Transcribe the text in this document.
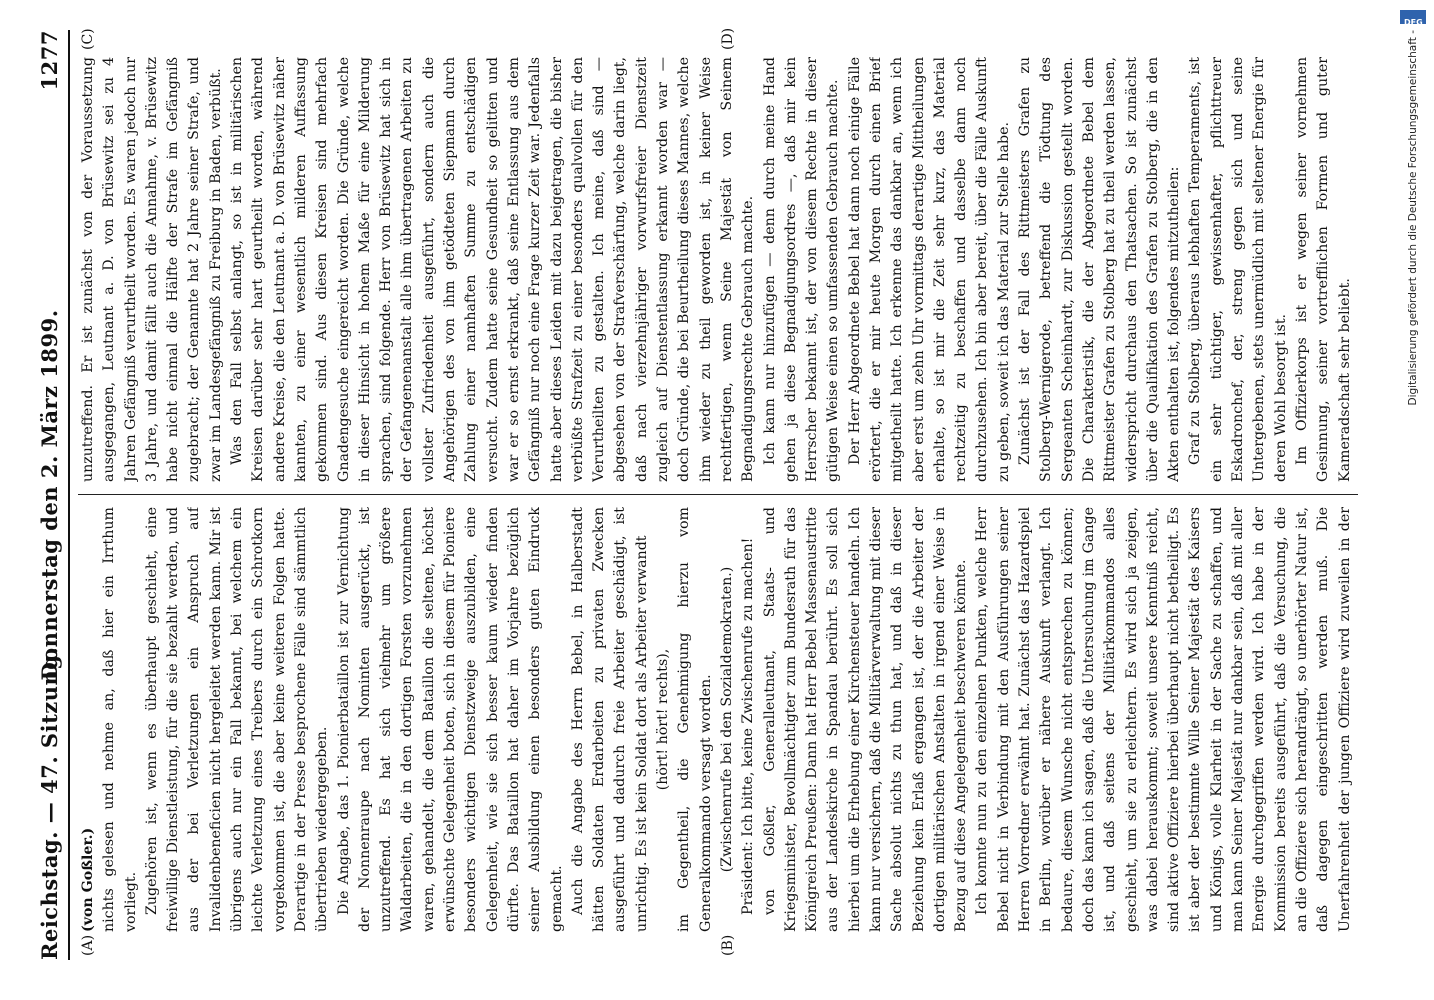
Reichstag. — 47. Sitzung.
Donnerstag den 2. März 1899.
1277
(A)	(B)
(C)	(D)

(von Goßler.) nichts gelesen und nehme an, daß hier ein Irrthum vorliegt. Zugehören ist, wenn es überhaupt geschieht, eine freiwillige Dienstleistung, für die sie bezahlt werden, und aus der bei Verletzungen ein Anspruch auf Invalidenbeneficien nicht hergeleitet werden kann. Mir ist übrigens auch nur ein Fall bekannt, bei welchem ein leichte Verletzung eines Treibers durch ein Schrotkorn vorgekommen ist, die aber keine weiteren Folgen hatte. Derartige in der Presse besprochene Fälle sind sämmtlich übertrieben wiedergegeben. Die Angabe, das 1. Pionierbataillon ist zur Vernichtung der Nonnenraupe nach Nominten ausgerückt, ist unzutreffend. Es hat sich vielmehr um größere Waldarbeiten, die in den dortigen Forsten vorzunehmen waren, gehandelt, die dem Bataillon die seltene, höchst erwünschte Gelegenheit boten, sich in diesem für Pioniere besonders wichtigen Dienstzweige auszubilden, eine Gelegenheit, wie sie sich besser kaum wieder finden dürfte. Das Bataillon hat daher im Vorjahre bezüglich seiner Ausbildung einen besonders guten Eindruck gemacht. Auch die Angabe des Herrn Bebel, in Halberstadt hätten Soldaten Erdarbeiten zu privaten Zwecken ausgeführt und dadurch freie Arbeiter geschädigt, ist unrichtig. Es ist kein Soldat dort als Arbeiter verwandt (hört! hört! rechts), im Gegentheil, die Genehmigung hierzu vom Generalkommando versagt worden. (Zwischenrufe bei den Sozialdemokraten.) Präsident: Ich bitte, keine Zwischenrufe zu machen! von Goßler, Generalleutnant, Staats- und Kriegsminister, Bevollmächtigter zum Bundesrath für das Königreich Preußen: Dann hat Herr Bebel Massenaustritte aus der Landeskirche in Spandau berührt. Es soll sich hierbei um die Erhebung einer Kirchensteuer handeln. Ich kann nur versichern, daß die Militärverwaltung mit dieser Sache absolut nichts zu thun hat, und daß in dieser Beziehung kein Erlaß ergangen ist, der die Arbeiter der dortigen militärischen Anstalten in irgend einer Weise in Bezug auf diese Angelegenheit beschweren könnte. Ich konnte nun zu den einzelnen Punkten, welche Herr Bebel nicht in Verbindung mit den Ausführungen seiner Herren Vorredner erwähnt hat. Zunächst das Hazardspiel in Berlin, worüber er nähere Auskunft verlangt. Ich bedaure, diesem Wunsche nicht entsprechen zu können; doch das kann ich sagen, daß die Untersuchung im Gange ist, und daß seitens der Militärkommandos alles geschieht, um sie zu erleichtern. Es wird sich ja zeigen, was dabei herauskommt; soweit unsere Kenntniß reicht, sind aktive Offiziere hierbei überhaupt nicht betheiligt. Es ist aber der bestimmte Wille Seiner Majestät des Kaisers und Königs, volle Klarheit in der Sache zu schaffen, und man kann Seiner Majestät nur dankbar sein, daß mit aller Energie durchgegriffen werden wird. Ich habe in der Kommission bereits ausgeführt, daß die Versuchung, die an die Offiziere sich herandrängt, so unerhörter Natur ist, daß dagegen eingeschritten werden muß. Die Unerfahrenheit der jungen Offiziere wird zuweilen in der

unzutreffend. Er ist zunächst von der Voraussetzung ausgegangen, Leutnant a. D. von Brüsewitz sei zu 4 Jahren Gefängniß verurtheilt worden. Es waren jedoch nur 3 Jahre, und damit fällt auch die Annahme, v. Brüsewitz habe nicht einmal die Hälfte der Strafe im Gefängniß zugebracht; der Genannte hat 2 Jahre seiner Strafe, und zwar im Landesgefängniß zu Freiburg in Baden, verbüßt. Was den Fall selbst anlangt, so ist in militärischen Kreisen darüber sehr hart geurtheilt worden, während andere Kreise, die den Leutnant a. D. von Brüsewitz näher kannten, zu einer wesentlich milderen Auffassung gekommen sind. Aus diesen Kreisen sind mehrfach Gnadengesuche eingereicht worden. Die Gründe, welche in dieser Hinsicht in hohem Maße für eine Milderung sprachen, sind folgende. Herr von Brüsewitz hat sich in der Gefangenenanstalt alle ihm übertragenen Arbeiten zu vollster Zufriedenheit ausgeführt, sondern auch die Angehörigen des von ihm getödteten Siepmann durch Zahlung einer namhaften Summe zu entschädigen versucht. Zudem hatte seine Gesundheit so gelitten und war er so ernst erkrankt, daß seine Entlassung aus dem Gefängniß nur noch eine Frage kurzer Zeit war. Jedenfalls hatte aber dieses Leiden mit dazu beigetragen, die bisher verbüßte Strafzeit zu einer besonders qualvollen für den Verurtheilten zu gestalten. Ich meine, daß sind — abgesehen von der Strafverschärfung, welche darin liegt, daß nach vierzehnjähriger vorwurfsfreier Dienstzeit zugleich auf Dienstentlassung erkannt worden war — doch Gründe, die bei Beurtheilung dieses Mannes, welche ihm wieder zu theil geworden ist, in keiner Weise rechtfertigen, wenn Seine Majestät von Seinem Begnadigungsrechte Gebrauch machte. Ich kann nur hinzufügen — denn durch meine Hand gehen ja diese Begnadigungsordres —, daß mir kein Herrscher bekannt ist, der von diesem Rechte in dieser gütigen Weise einen so umfassenden Gebrauch machte. Der Herr Abgeordnete Bebel hat dann noch einige Fälle erörtert, die er mir heute Morgen durch einen Brief mitgetheilt hatte. Ich erkenne das dankbar an, wenn ich aber erst um zehn Uhr vormittags derartige Mittheilungen erhalte, so ist mir die Zeit sehr kurz, das Material rechtzeitig zu beschaffen und dasselbe dann noch durchzusehen. Ich bin aber bereit, über die Fälle Auskunft zu geben, soweit ich das Material zur Stelle habe. Zunächst ist der Fall des Rittmeisters Grafen zu Stolberg-Wernigerode, betreffend die Tödtung des Sergeanten Scheinhardt, zur Diskussion gestellt worden. Die Charakteristik, die der Abgeordnete Bebel dem Rittmeister Grafen zu Stolberg hat zu theil werden lassen, widerspricht durchaus den Thatsachen. So ist zunächst über die Qualifikation des Grafen zu Stolberg, die in den Akten enthalten ist, folgendes mitzutheilen: Graf zu Stolberg, überaus lebhaften Temperaments, ist ein sehr tüchtiger, gewissenhafter, pflichttreuer Eskadronchef, der, streng gegen sich und seine Untergebenen, stets unermüdlich mit seltener Energie für deren Wohl besorgt ist. Im Offizierkorps ist er wegen seiner vornehmen Gesinnung, seiner vortrefflichen Formen und guter Kameradschaft sehr beliebt.	Digitalisierung gefördert durch die Deutsche Forschungsgemeinschaft -
DFG
